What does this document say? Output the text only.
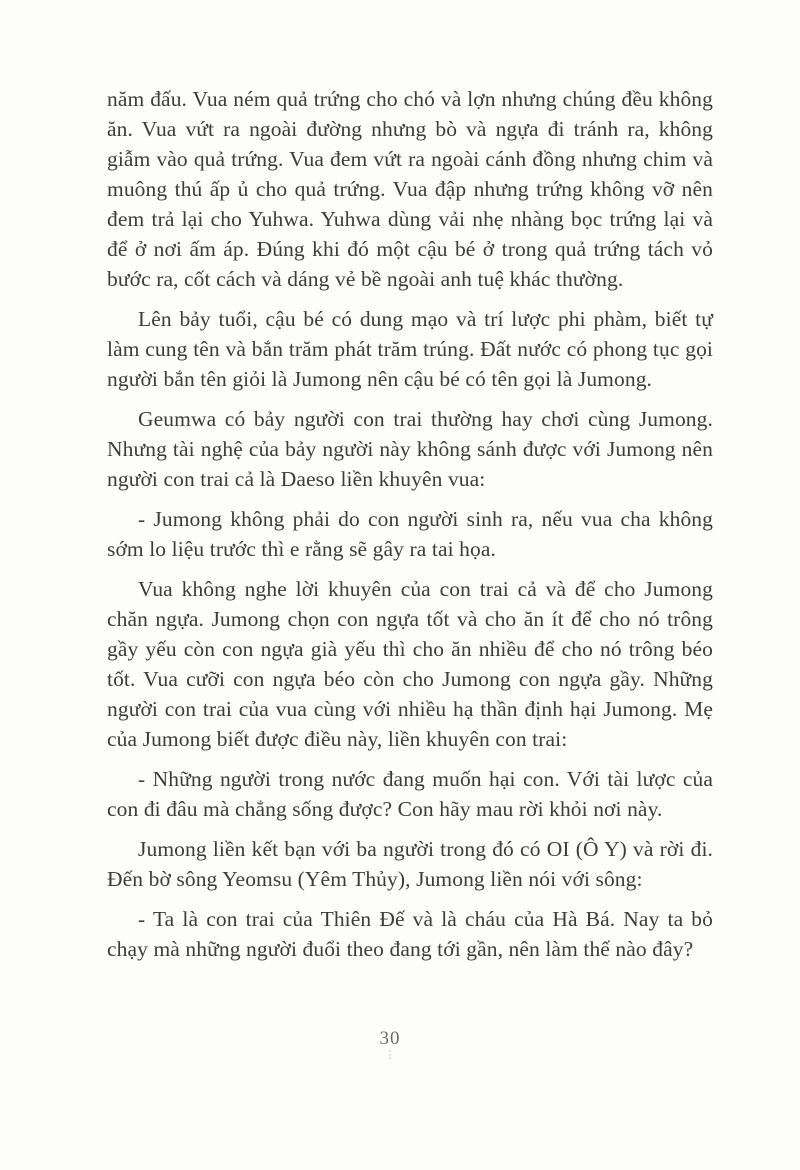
năm đấu. Vua ném quả trứng cho chó và lợn nhưng chúng đều không ăn. Vua vứt ra ngoài đường nhưng bò và ngựa đi tránh ra, không giẫm vào quả trứng. Vua đem vứt ra ngoài cánh đồng nhưng chim và muông thú ấp ủ cho quả trứng. Vua đập nhưng trứng không vỡ nên đem trả lại cho Yuhwa. Yuhwa dùng vải nhẹ nhàng bọc trứng lại và để ở nơi ấm áp. Đúng khi đó một cậu bé ở trong quả trứng tách vỏ bước ra, cốt cách và dáng vẻ bề ngoài anh tuệ khác thường.

Lên bảy tuổi, cậu bé có dung mạo và trí lược phi phàm, biết tự làm cung tên và bắn trăm phát trăm trúng. Đất nước có phong tục gọi người bắn tên giỏi là Jumong nên cậu bé có tên gọi là Jumong.

Geumwa có bảy người con trai thường hay chơi cùng Jumong. Nhưng tài nghệ của bảy người này không sánh được với Jumong nên người con trai cả là Daeso liền khuyên vua:

- Jumong không phải do con người sinh ra, nếu vua cha không sớm lo liệu trước thì e rằng sẽ gây ra tai họa.

Vua không nghe lời khuyên của con trai cả và để cho Jumong chăn ngựa. Jumong chọn con ngựa tốt và cho ăn ít để cho nó trông gầy yếu còn con ngựa già yếu thì cho ăn nhiều để cho nó trông béo tốt. Vua cưỡi con ngựa béo còn cho Jumong con ngựa gầy. Những người con trai của vua cùng với nhiều hạ thần định hại Jumong. Mẹ của Jumong biết được điều này, liền khuyên con trai:

- Những người trong nước đang muốn hại con. Với tài lược của con đi đâu mà chẳng sống được? Con hãy mau rời khỏi nơi này.

Jumong liền kết bạn với ba người trong đó có OI (Ô Y) và rời đi. Đến bờ sông Yeomsu (Yêm Thủy), Jumong liền nói với sông:

- Ta là con trai của Thiên Đế và là cháu của Hà Bá. Nay ta bỏ chạy mà những người đuổi theo đang tới gần, nên làm thế nào đây?

30
⋮
